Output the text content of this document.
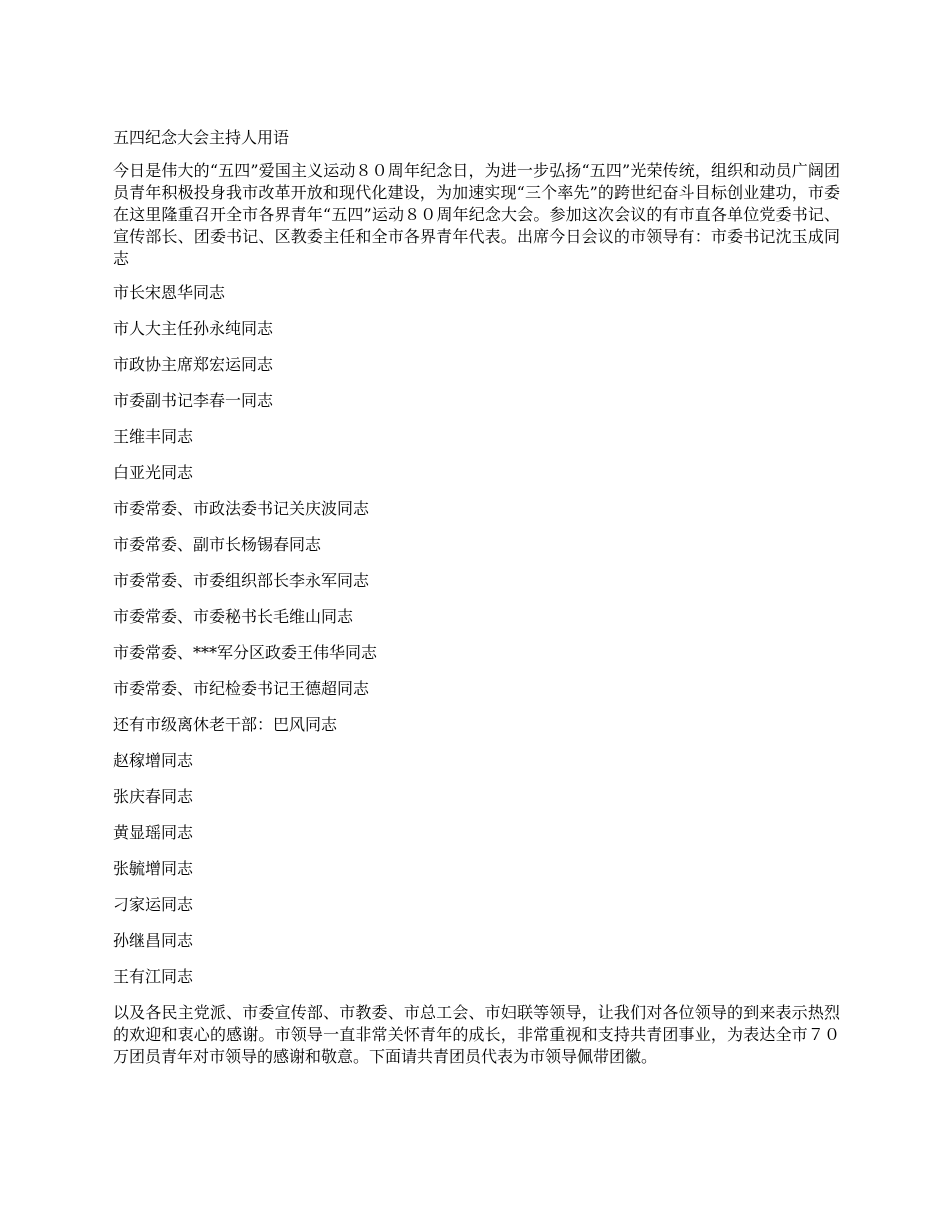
五四纪念大会主持人用语
今日是伟大的“五四”爱国主义运动８０周年纪念日，为进一步弘扬“五四”光荣传统，组织和动员广阔团员青年积极投身我市改革开放和现代化建设，为加速实现“三个率先”的跨世纪奋斗目标创业建功，市委在这里隆重召开全市各界青年“五四”运动８０周年纪念大会。参加这次会议的有市直各单位党委书记、宣传部长、团委书记、区教委主任和全市各界青年代表。出席今日会议的市领导有：市委书记沈玉成同志
市长宋恩华同志
市人大主任孙永纯同志
市政协主席郑宏运同志
市委副书记李春一同志
王维丰同志
白亚光同志
市委常委、市政法委书记关庆波同志
市委常委、副市长杨锡春同志
市委常委、市委组织部长李永军同志
市委常委、市委秘书长毛维山同志
市委常委、***军分区政委王伟华同志
市委常委、市纪检委书记王德超同志
还有市级离休老干部：巴风同志
赵稼增同志
张庆春同志
黄显瑶同志
张毓增同志
刁家运同志
孙继昌同志
王有江同志
以及各民主党派、市委宣传部、市教委、市总工会、市妇联等领导，让我们对各位领导的到来表示热烈的欢迎和衷心的感谢。市领导一直非常关怀青年的成长，非常重视和支持共青团事业，为表达全市７０万团员青年对市领导的感谢和敬意。下面请共青团员代表为市领导佩带团徽。
